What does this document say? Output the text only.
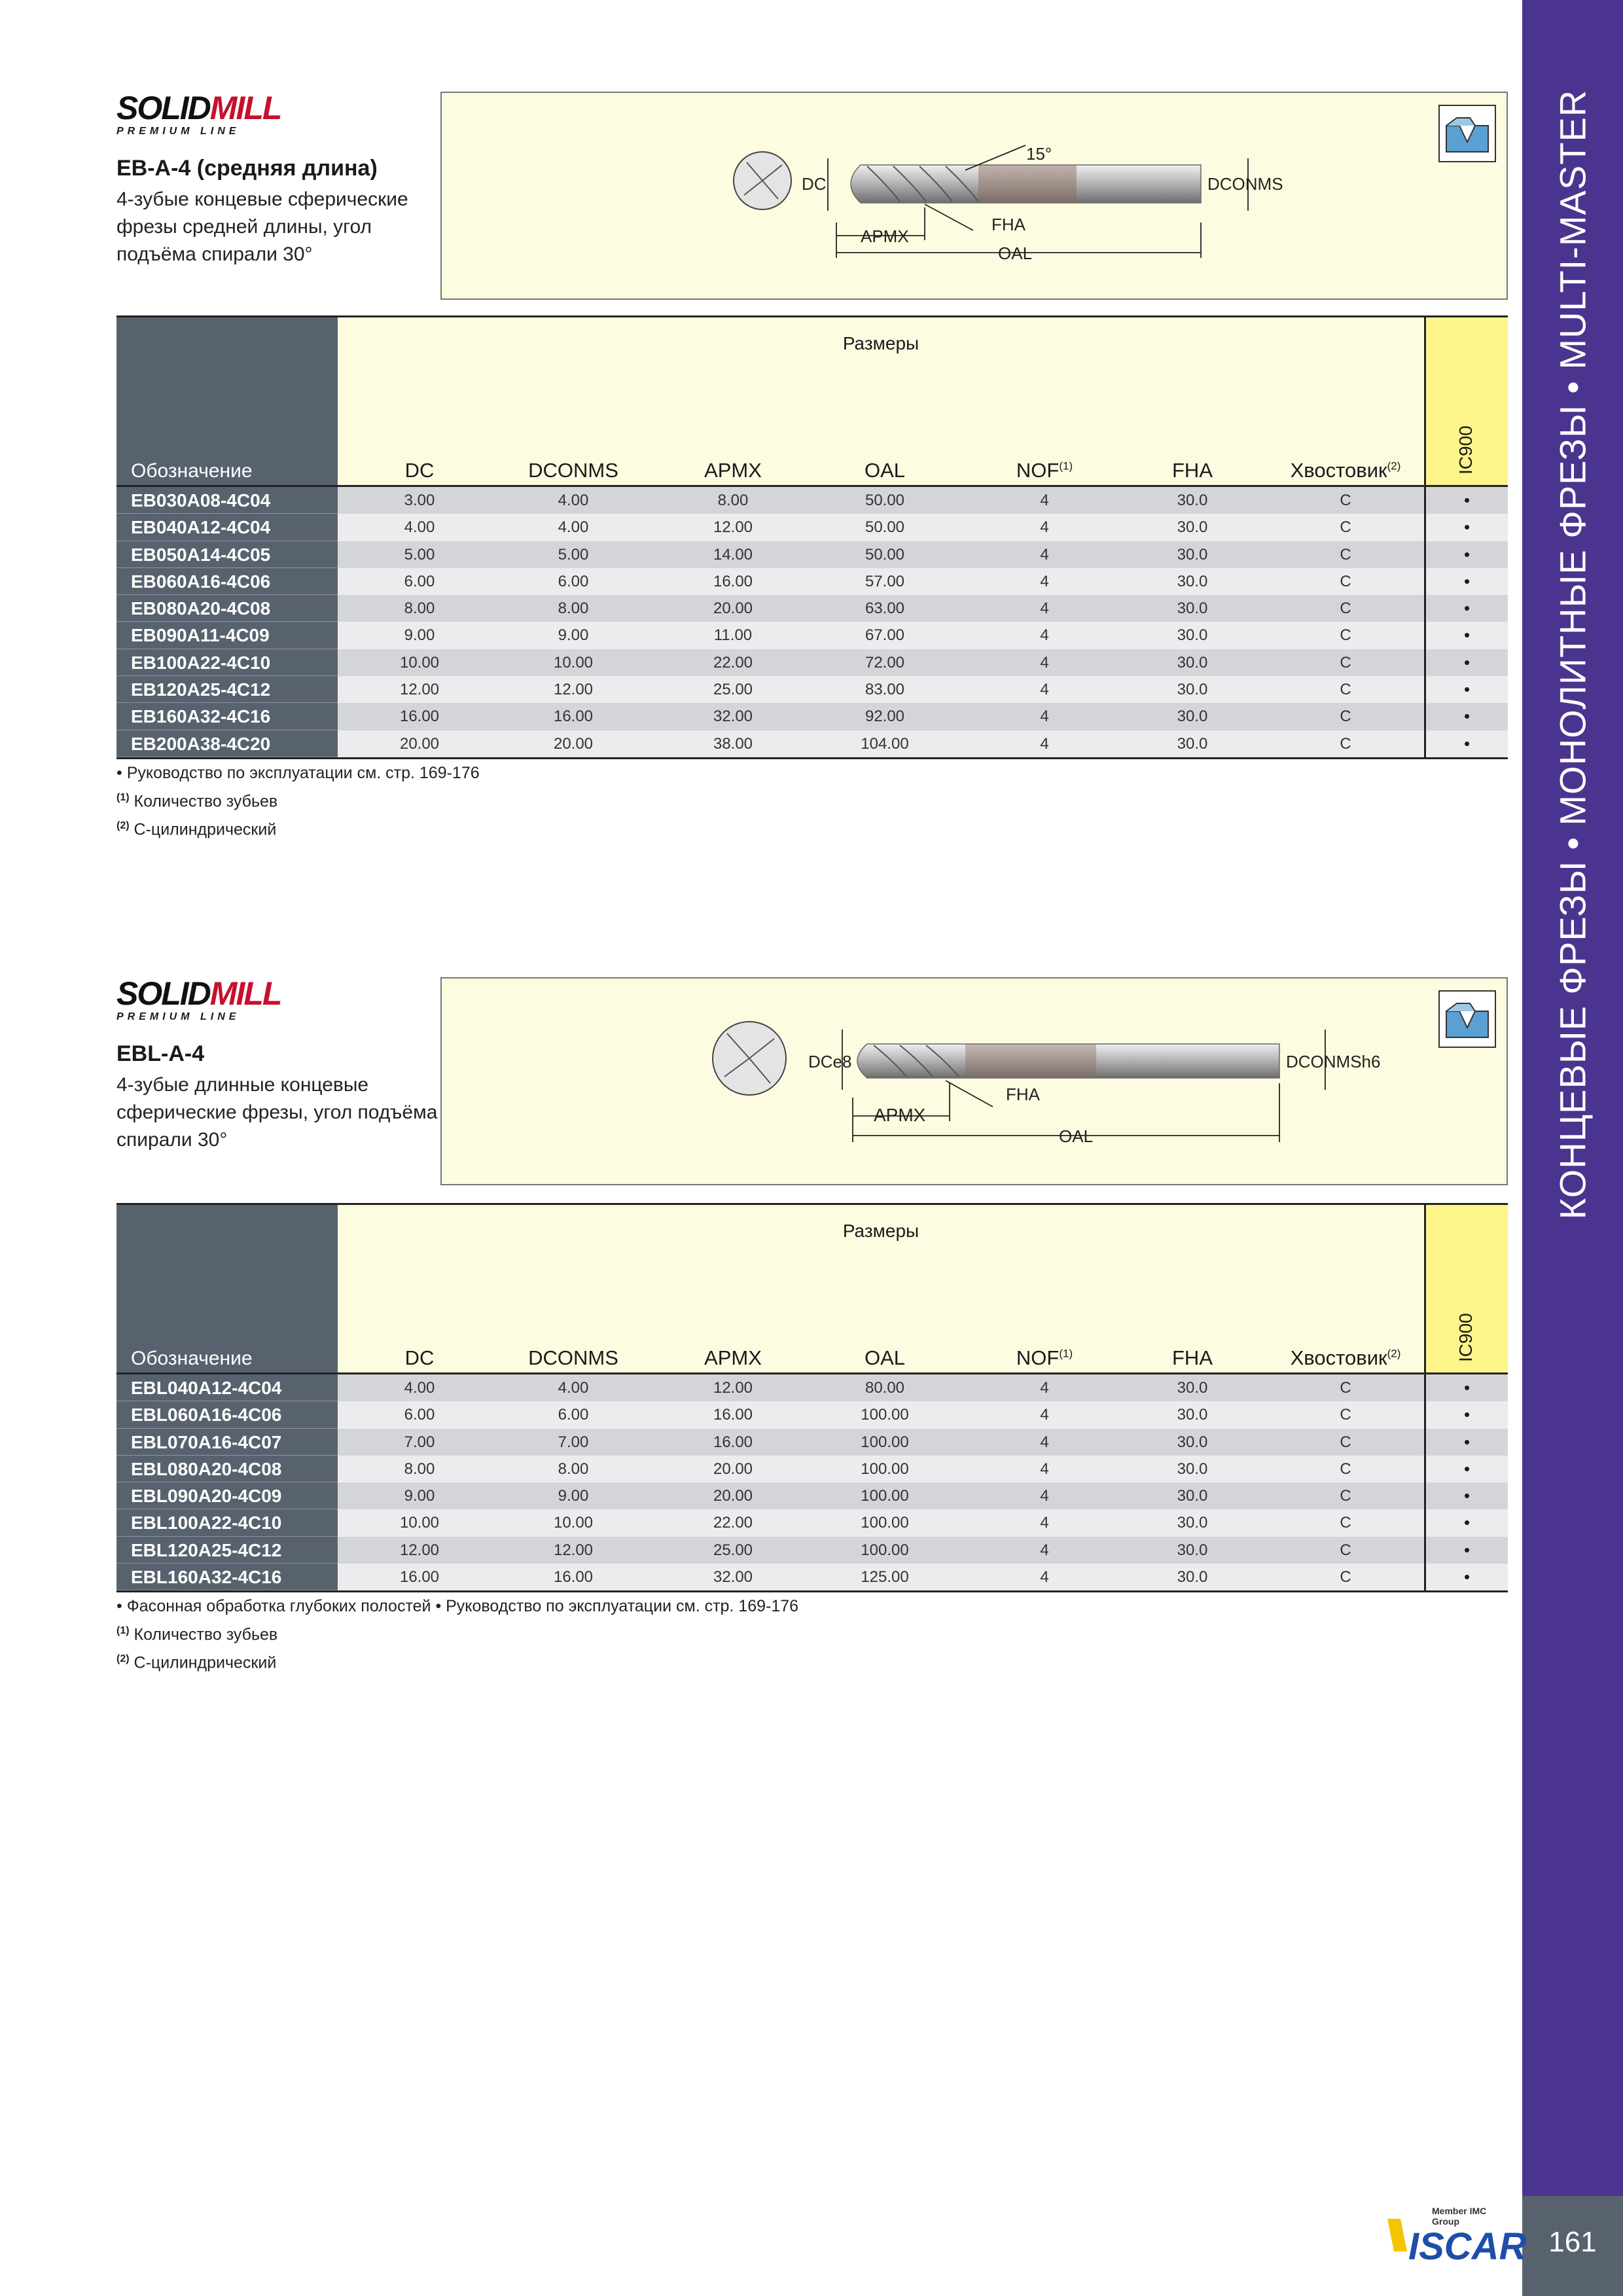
КОНЦЕВЫЕ ФРЕЗЫ • МОНОЛИТНЫЕ ФРЕЗЫ • MULTI-MASTER
161
SOLIDMILL
PREMIUM LINE
EB-A-4 (средняя длина)
4-зубые концевые сферические фрезы средней длины, угол подъёма спирали 30°
DC
15°
DCONMS
FHA
APMX
OAL
Обозначение
Размеры
DC	DCONMS	APMX	OAL	NOF$^{(1)}$	FHA	Хвостовик$^{(2)}$	IC900
EB030A08-4C04	3.00	4.00	8.00	50.00	4	30.0	C	•
EB040A12-4C04	4.00	4.00	12.00	50.00	4	30.0	C	•
EB050A14-4C05	5.00	5.00	14.00	50.00	4	30.0	C	•
EB060A16-4C06	6.00	6.00	16.00	57.00	4	30.0	C	•
EB080A20-4C08	8.00	8.00	20.00	63.00	4	30.0	C	•
EB090A11-4C09	9.00	9.00	11.00	67.00	4	30.0	C	•
EB100A22-4C10	10.00	10.00	22.00	72.00	4	30.0	C	•
EB120A25-4C12	12.00	12.00	25.00	83.00	4	30.0	C	•
EB160A32-4C16	16.00	16.00	32.00	92.00	4	30.0	C	•
EB200A38-4C20	20.00	20.00	38.00	104.00	4	30.0	C	•
• Руководство по эксплуатации см. стр. 169-176
$^{(1)}$ Количество зубьев
$^{(2)}$ C-цилиндрический
SOLIDMILL
PREMIUM LINE
EBL-A-4
4-зубые длинные концевые сферические фрезы, угол подъёма спирали 30°
DCe8	DCONMSh6
FHA
APMX
OAL
Обозначение
Размеры
DC	DCONMS	APMX	OAL	NOF$^{(1)}$	FHA	Хвостовик$^{(2)}$	IC900
EBL040A12-4C04	4.00	4.00	12.00	80.00	4	30.0	C	•
EBL060A16-4C06	6.00	6.00	16.00	100.00	4	30.0	C	•
EBL070A16-4C07	7.00	7.00	16.00	100.00	4	30.0	C	•
EBL080A20-4C08	8.00	8.00	20.00	100.00	4	30.0	C	•
EBL090A20-4C09	9.00	9.00	20.00	100.00	4	30.0	C	•
EBL100A22-4C10	10.00	10.00	22.00	100.00	4	30.0	C	•
EBL120A25-4C12	12.00	12.00	25.00	100.00	4	30.0	C	•
EBL160A32-4C16	16.00	16.00	32.00	125.00	4	30.0	C	•
• Фасонная обработка глубоких полостей • Руководство по эксплуатации см. стр. 169-176
$^{(1)}$ Количество зубьев
$^{(2)}$ C-цилиндрический
Member IMC Group
ISCAR
